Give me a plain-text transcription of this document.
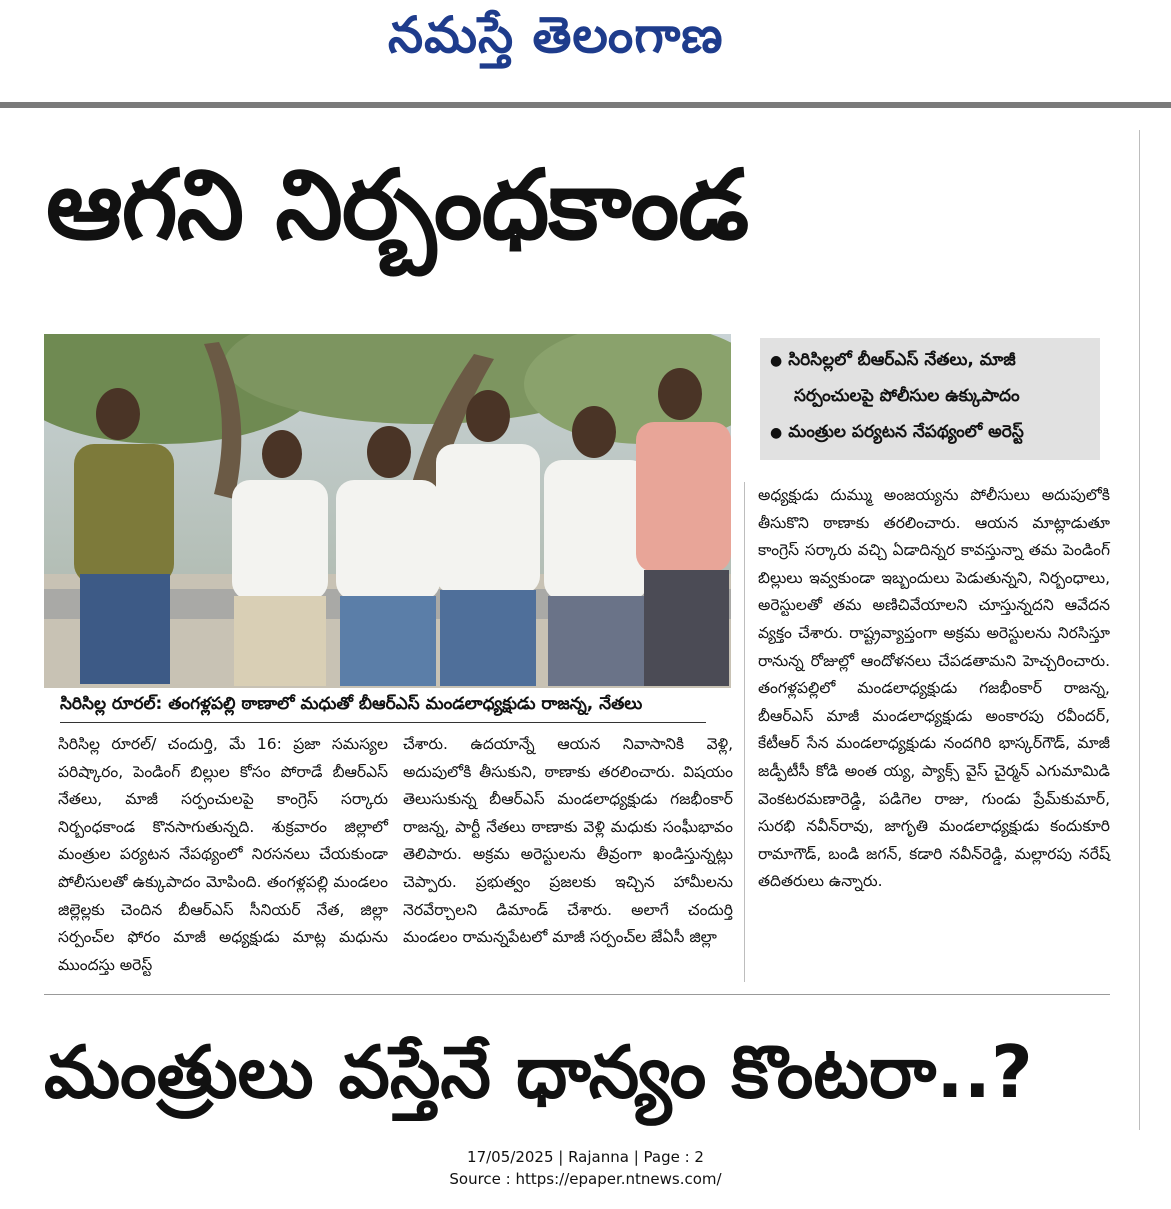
నమస్తే తెలంగాణ
ఆగని నిర్బంధకాండ
సిరిసిల్ల రూరల్: తంగళ్లపల్లి ఠాణాలో మధుతో బీఆర్ఎస్ మండలాధ్యక్షుడు రాజన్న, నేతలు
● సిరిసిల్లలో బీఆర్ఎస్ నేతలు, మాజీ
సర్పంచులపై పోలీసుల ఉక్కుపాదం
● మంత్రుల పర్యటన నేపథ్యంలో అరెస్ట్
సిరిసిల్ల రూరల్/ చందుర్తి, మే 16: ప్రజా సమస్యల పరిష్కారం, పెండింగ్ బిల్లుల కోసం పోరాడే బీఆర్ఎస్ నేతలు, మాజీ సర్పంచులపై కాంగ్రెస్ సర్కారు నిర్బంధకాండ కొనసాగుతున్నది. శుక్రవారం జిల్లాలో మంత్రుల పర్యటన నేపథ్యంలో నిరసనలు చేయకుండా పోలీసులతో ఉక్కుపాదం మోపింది. తంగళ్లపల్లి మండలం జిల్లెల్లకు చెందిన బీఆర్ఎస్ సీనియర్ నేత, జిల్లా సర్పంచ్‌ల ఫోరం మాజీ అధ్యక్షుడు మాట్ల మధును ముందస్తు అరెస్ట్
చేశారు. ఉదయాన్నే ఆయన నివాసానికి వెళ్లి, అదుపులోకి తీసుకుని, ఠాణాకు తరలించారు. విషయం తెలుసుకున్న బీఆర్ఎస్ మండలాధ్యక్షుడు గజభీంకార్ రాజన్న, పార్టీ నేతలు ఠాణాకు వెళ్లి మధుకు సంఘీభావం తెలిపారు. అక్రమ అరెస్టులను తీవ్రంగా ఖండిస్తున్నట్లు చెప్పారు. ప్రభుత్వం ప్రజలకు ఇచ్చిన హామీలను నెరవేర్చాలని డిమాండ్ చేశారు. అలాగే చందుర్తి మండలం రామన్నపేటలో మాజీ సర్పంచ్‌ల జేఏసీ జిల్లా
అధ్యక్షుడు దుమ్ము అంజయ్యను పోలీసులు అదుపులోకి తీసుకొని ఠాణాకు తరలించారు. ఆయన మాట్లాడుతూ కాంగ్రెస్ సర్కారు వచ్చి ఏడాదిన్నర కావస్తున్నా తమ పెండింగ్ బిల్లులు ఇవ్వకుండా ఇబ్బందులు పెడుతున్నని, నిర్బంధాలు, అరెస్టులతో తమ అణిచివేయాలని చూస్తున్నదని ఆవేదన వ్యక్తం చేశారు. రాష్ట్రవ్యాప్తంగా అక్రమ అరెస్టులను నిరసిస్తూ రానున్న రోజుల్లో ఆందోళనలు చేపడతామని హెచ్చరించారు. తంగళ్లపల్లిలో మండలాధ్యక్షుడు గజభీంకార్ రాజన్న, బీఆర్ఎస్ మాజీ మండలాధ్యక్షుడు అంకారపు రవీందర్, కేటీఆర్ సేన మండలాధ్యక్షుడు నందగిరి భాస్కర్‌గౌడ్, మాజీ జడ్పీటీసీ కోడి అంత య్య, ప్యాక్స్ వైస్ చైర్మన్ ఎగుమామిడి వెంకటరమణారెడ్డి, పడిగెల రాజు, గుండు ప్రేమ్‌కుమార్, సురభి నవీన్‌రావు, జాగృతి మండలాధ్యక్షుడు కందుకూరి రామాగౌడ్, బండి జగన్, కడారి నవీన్‌రెడ్డి, మల్లారపు నరేష్ తదితరులు ఉన్నారు.
మంత్రులు వస్తేనే ధాన్యం కొంటరా..?
17/05/2025 | Rajanna | Page : 2
Source : https://epaper.ntnews.com/
